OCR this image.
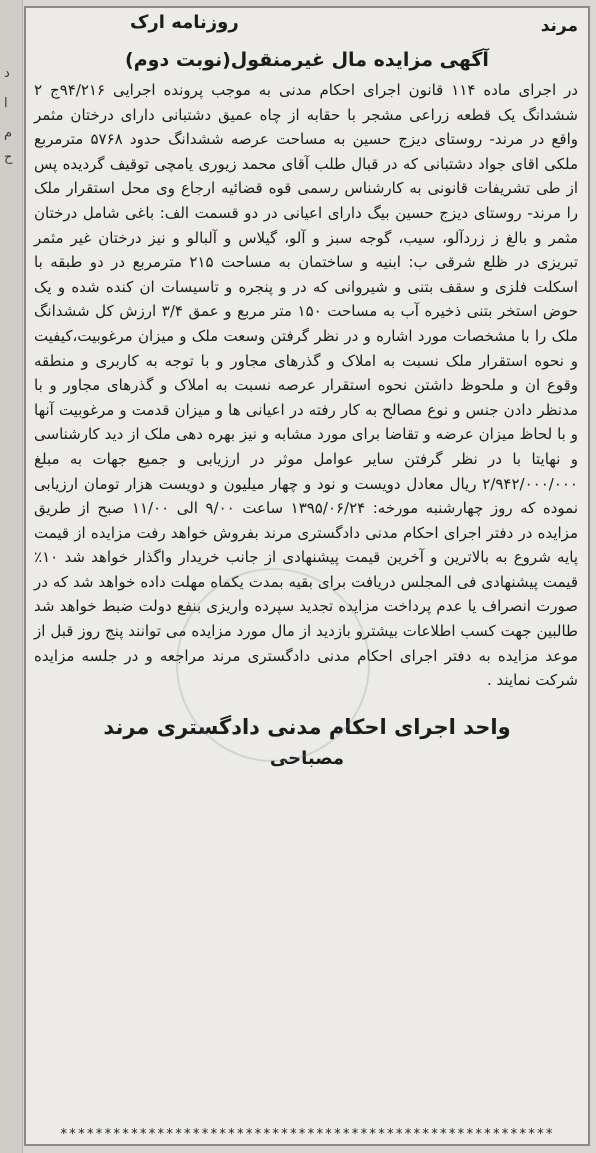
د
ا
م
ح
مرند
روزنامه ارک
آگهی مزایده مال غیرمنقول(نوبت دوم)

در اجرای ماده ۱۱۴ قانون اجرای احکام مدنی به موجب پرونده اجرایی ۹۴/۲۱۶ج ۲ ششدانگ یک قطعه زراعی مشجر با حقابه از چاه عمیق دشتبانی دارای درختان مثمر واقع در مرند- روستای دیزج حسین به مساحت عرصه ششدانگ حدود ۵۷۶۸ مترمربع ملکی اقای جواد دشتبانی که در قبال طلب آقای محمد زیوری یامچی توقیف گردیده پس از طی تشریفات قانونی به کارشناس رسمی قوه قضائیه ارجاع وی محل استقرار ملک را مرند- روستای دیزج حسین بیگ دارای اعیانی در دو قسمت الف: باغی شامل درختان مثمر و بالغ ز زردآلو، سیب، گوجه سبز و آلو، گیلاس و آلبالو و نیز درختان غیر مثمر تبریزی در ظلع شرقی ب: ابنیه و ساختمان به مساحت ۲۱۵ مترمربع در دو طبقه با اسکلت فلزی و سقف بتنی و شیروانی که در و پنجره و تاسیسات ان کنده شده و یک حوض استخر بتنی ذخیره آب به مساحت ۱۵۰ متر مربع و عمق ۳/۴ ارزش کل ششدانگ ملک را با مشخصات مورد اشاره و در نظر گرفتن وسعت ملک و میزان مرغوبیت،کیفیت و نحوه استقرار ملک نسبت به املاک و گذرهای مجاور و با توجه به کاربری و منطقه وقوع ان و ملحوظ داشتن نحوه استقرار عرصه نسبت به املاک و گذرهای مجاور و با مدنظر دادن جنس و نوع مصالح به کار رفته در اعیانی ها و میزان قدمت و مرغوبیت آنها و با لحاظ میزان عرضه و تقاضا برای مورد مشابه و نیز بهره دهی ملک از دید کارشناسی و نهایتا با در نظر گرفتن سایر عوامل موثر در ارزیابی و جمیع جهات به مبلغ ۲/۹۴۲/۰۰۰/۰۰۰ ریال معادل دویست و نود و چهار میلیون و دویست هزار تومان ارزیابی نموده که روز چهارشنبه مورخه: ۱۳۹۵/۰۶/۲۴ ساعت ۹/۰۰ الی ۱۱/۰۰ صبح از طریق مزایده در دفتر اجرای احکام مدنی دادگستری مرند بفروش خواهد رفت مزایده از قیمت پایه شروع به بالاترین و آخرین قیمت پیشنهادی از جانب خریدار واگذار خواهد شد ۱۰٪ قیمت پیشنهادی فی المجلس دریافت برای بقیه بمدت یکماه مهلت داده خواهد شد که در صورت انصراف یا عدم پرداخت مزایده تجدید سپرده واریزی بنفع دولت ضبط خواهد شد طالبین جهت کسب اطلاعات بیشترو بازدید از مال مورد مزایده می توانند پنج روز قبل از موعد مزایده به دفتر اجرای احکام مدنی دادگستری مرند مراجعه و در جلسه مزایده شرکت نمایند .

واحد اجرای احکام مدنی دادگستری مرند
مصباحی
********************************************************
